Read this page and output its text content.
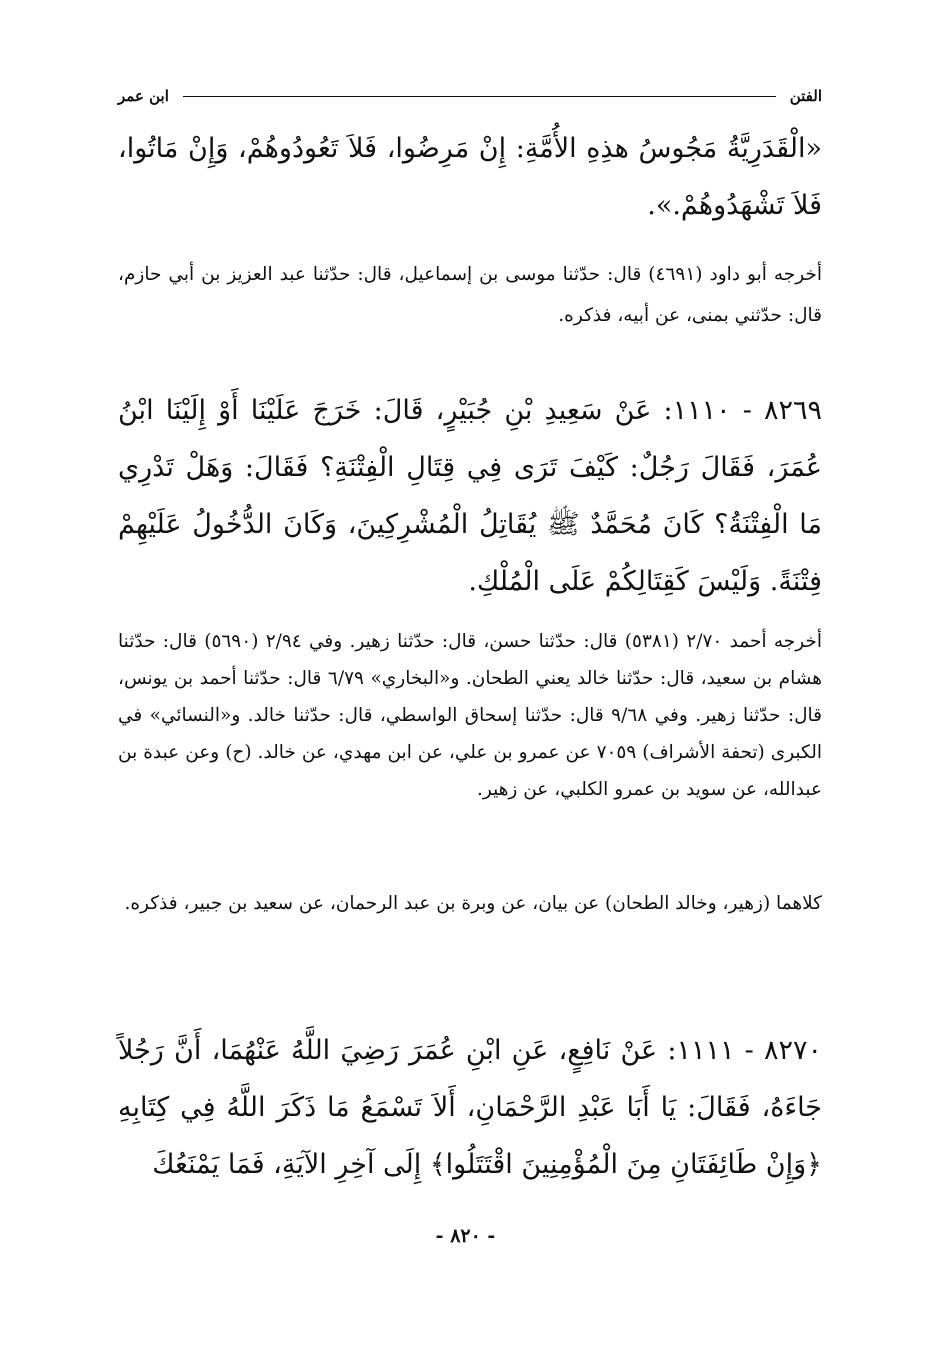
الفتن
ابن عمر

«الْقَدَرِيَّةُ مَجُوسُ هذِهِ الأُمَّةِ: إِنْ مَرِضُوا، فَلاَ تَعُودُوهُمْ، وَإِنْ مَاتُوا، فَلاَ تَشْهَدُوهُمْ.».

أخرجه أبو داود (٤٦٩١) قال: حدّثنا موسى بن إسماعيل، قال: حدّثنا عبد العزيز بن أبي حازم، قال: حدّثني بمنى، عن أبيه، فذكره.

٨٢٦٩ - ١١١٠: عَنْ سَعِيدِ بْنِ جُبَيْرٍ، قَالَ: خَرَجَ عَلَيْنَا أَوْ إِلَيْنَا ابْنُ عُمَرَ، فَقَالَ رَجُلٌ: كَيْفَ تَرَى فِي قِتَالِ الْفِتْنَةِ؟ فَقَالَ: وَهَلْ تَدْرِي مَا الْفِتْنَةُ؟ كَانَ مُحَمَّدٌ ﷺ يُقَاتِلُ الْمُشْرِكِينَ، وَكَانَ الدُّخُولُ عَلَيْهِمْ فِتْنَةً. وَلَيْسَ كَقِتَالِكُمْ عَلَى الْمُلْكِ.

أخرجه أحمد ٢/٧٠ (٥٣٨١) قال: حدّثنا حسن، قال: حدّثنا زهير. وفي ٢/٩٤ (٥٦٩٠) قال: حدّثنا هشام بن سعيد، قال: حدّثنا خالد يعني الطحان. و«البخاري» ٦/٧٩ قال: حدّثنا أحمد بن يونس، قال: حدّثنا زهير. وفي ٩/٦٨ قال: حدّثنا إسحاق الواسطي، قال: حدّثنا خالد. و«النسائي» في الكبرى (تحفة الأشراف) ٧٠٥٩ عن عمرو بن علي، عن ابن مهدي، عن خالد. (ح) وعن عبدة بن عبدالله، عن سويد بن عمرو الكلبي، عن زهير.

كلاهما (زهير، وخالد الطحان) عن بيان، عن وبرة بن عبد الرحمان، عن سعيد بن جبير، فذكره.

٨٢٧٠ - ١١١١: عَنْ نَافِعٍ، عَنِ ابْنِ عُمَرَ رَضِيَ اللَّهُ عَنْهُمَا، أَنَّ رَجُلاً جَاءَهُ، فَقَالَ: يَا أَبَا عَبْدِ الرَّحْمَانِ، أَلاَ تَسْمَعُ مَا ذَكَرَ اللَّهُ فِي كِتَابِهِ ﴿وَإِنْ طَائِفَتَانِ مِنَ الْمُؤْمِنِينَ اقْتَتَلُوا﴾ إِلَى آخِرِ الآيَةِ، فَمَا يَمْنَعُكَ

- ٨٢٠ -
